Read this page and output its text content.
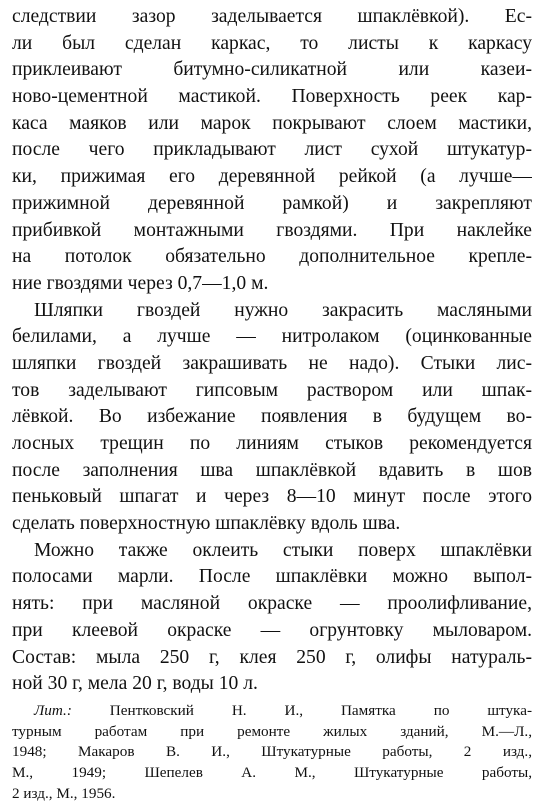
следствии зазор заделывается шпаклёвкой). Ес-
ли был сделан каркас, то листы к каркасу
приклеивают битумно-силикатной или казеи-
ново-цементной мастикой. Поверхность реек кар-
каса маяков или марок покрывают слоем мастики,
после чего прикладывают лист сухой штукатур-
ки, прижимая его деревянной рейкой (а лучше—
прижимной деревянной рамкой) и закрепляют
прибивкой монтажными гвоздями. При наклейке
на потолок обязательно дополнительное крепле-
ние гвоздями через 0,7—1,0 м.
Шляпки гвоздей нужно закрасить масляными
белилами, а лучше — нитролаком (оцинкованные
шляпки гвоздей закрашивать не надо). Стыки лис-
тов заделывают гипсовым раствором или шпак-
лёвкой. Во избежание появления в будущем во-
лосных трещин по линиям стыков рекомендуется
после заполнения шва шпаклёвкой вдавить в шов
пеньковый шпагат и через 8—10 минут после этого
сделать поверхностную шпаклёвку вдоль шва.
Можно также оклеить стыки поверх шпаклёвки
полосами марли. После шпаклёвки можно выпол-
нять: при масляной окраске — проолифливание,
при клеевой окраске — огрунтовку мыловаром.
Состав: мыла 250 г, клея 250 г, олифы натураль-
ной 30 г, мела 20 г, воды 10 л.
Лит.: Пентковский Н. И., Памятка по штука-
турным работам при ремонте жилых зданий, М.—Л.,
1948; Макаров В. И., Штукатурные работы, 2 изд.,
М., 1949; Шепелев А. М., Штукатурные работы,
2 изд., М., 1956.
